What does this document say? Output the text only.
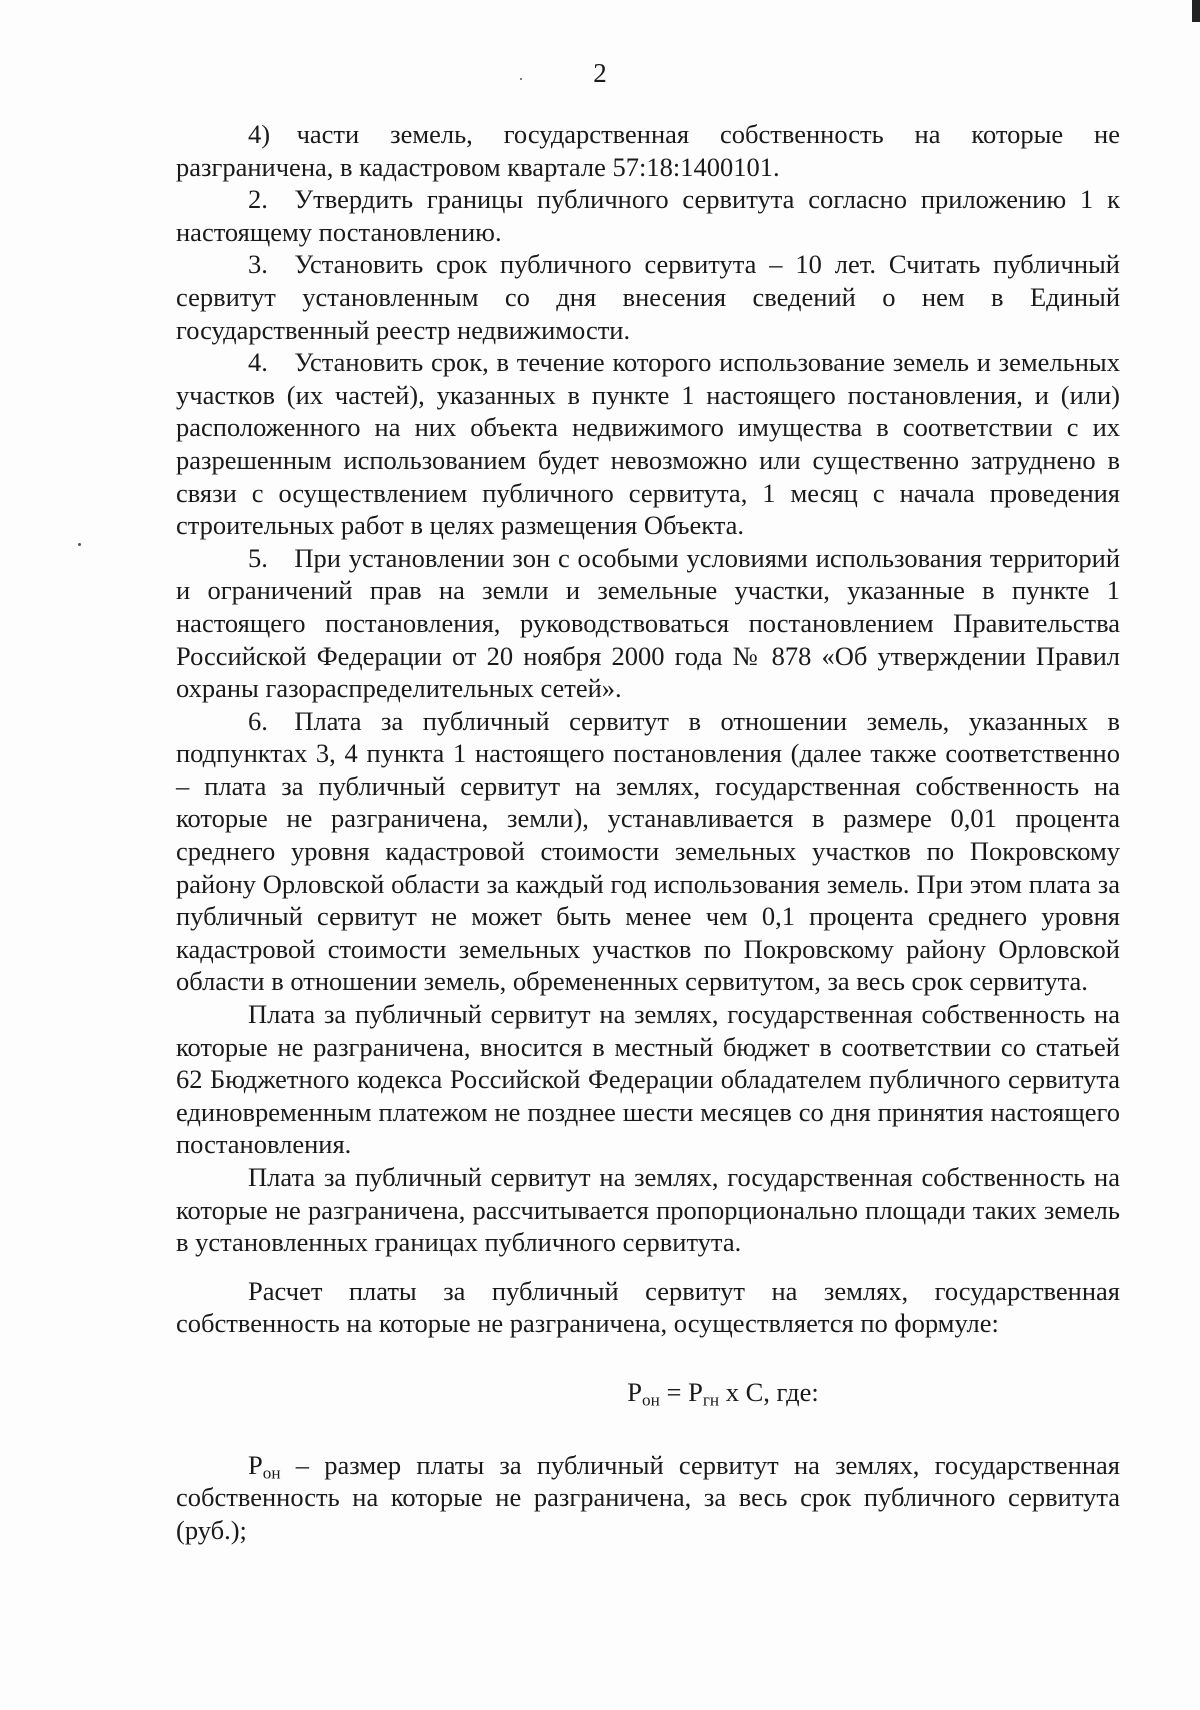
2

4) части земель, государственная собственность на которые не разграничена, в кадастровом квартале 57:18:1400101.

2. Утвердить границы публичного сервитута согласно приложению 1 к настоящему постановлению.

3. Установить срок публичного сервитута – 10 лет. Считать публичный сервитут установленным со дня внесения сведений о нем в Единый государственный реестр недвижимости.

4. Установить срок, в течение которого использование земель и земельных участков (их частей), указанных в пункте 1 настоящего постановления, и (или) расположенного на них объекта недвижимого имущества в соответствии с их разрешенным использованием будет невозможно или существенно затруднено в связи с осуществлением публичного сервитута, 1 месяц с начала проведения строительных работ в целях размещения Объекта.

5. При установлении зон с особыми условиями использования территорий и ограничений прав на земли и земельные участки, указанные в пункте 1 настоящего постановления, руководствоваться постановлением Правительства Российской Федерации от 20 ноября 2000 года № 878 «Об утверждении Правил охраны газораспределительных сетей».

6. Плата за публичный сервитут в отношении земель, указанных в подпунктах 3, 4 пункта 1 настоящего постановления (далее также соответственно – плата за публичный сервитут на землях, государственная собственность на которые не разграничена, земли), устанавливается в размере 0,01 процента среднего уровня кадастровой стоимости земельных участков по Покровскому району Орловской области за каждый год использования земель. При этом плата за публичный сервитут не может быть менее чем 0,1 процента среднего уровня кадастровой стоимости земельных участков по Покровскому району Орловской области в отношении земель, обремененных сервитутом, за весь срок сервитута.

Плата за публичный сервитут на землях, государственная собственность на которые не разграничена, вносится в местный бюджет в соответствии со статьей 62 Бюджетного кодекса Российской Федерации обладателем публичного сервитута единовременным платежом не позднее шести месяцев со дня принятия настоящего постановления.

Плата за публичный сервитут на землях, государственная собственность на которые не разграничена, рассчитывается пропорционально площади таких земель в установленных границах публичного сервитута.

Расчет платы за публичный сервитут на землях, государственная собственность на которые не разграничена, осуществляется по формуле:

$Р_{он} = Р_{гн}$ х С, где:

$Р_{он}$ – размер платы за публичный сервитут на землях, государственная собственность на которые не разграничена, за весь срок публичного сервитута (руб.);
